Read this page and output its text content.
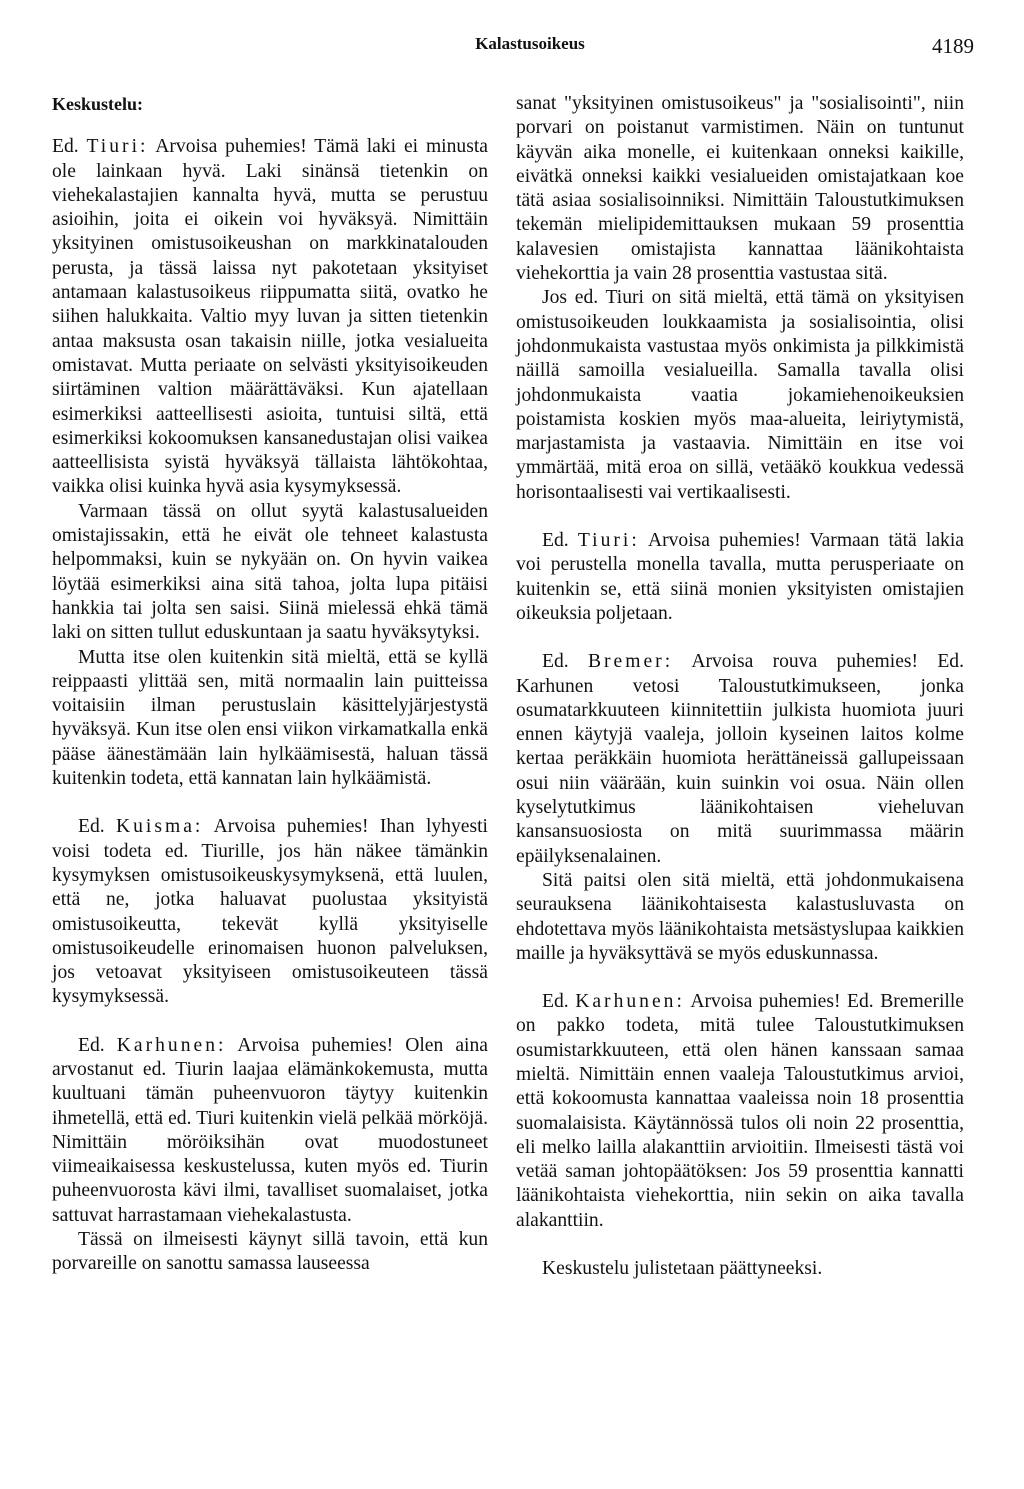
Kalastusoikeus	4189
Keskustelu:

Ed. Tiuri: Arvoisa puhemies! Tämä laki ei minusta ole lainkaan hyvä. Laki sinänsä tietenkin on viehekalastajien kannalta hyvä, mutta se perustuu asioihin, joita ei oikein voi hyväksyä. Nimittäin yksityinen omistusoikeushan on markkinatalouden perusta, ja tässä laissa nyt pakotetaan yksityiset antamaan kalastusoikeus riippumatta siitä, ovatko he siihen halukkaita. Valtio myy luvan ja sitten tietenkin antaa maksusta osan takaisin niille, jotka vesialueita omistavat. Mutta periaate on selvästi yksityisoikeuden siirtäminen valtion määrättäväksi. Kun ajatellaan esimerkiksi aatteellisesti asioita, tuntuisi siltä, että esimerkiksi kokoomuksen kansanedustajan olisi vaikea aatteellisista syistä hyväksyä tällaista lähtökohtaa, vaikka olisi kuinka hyvä asia kysymyksessä.

Varmaan tässä on ollut syytä kalastusalueiden omistajissakin, että he eivät ole tehneet kalastusta helpommaksi, kuin se nykyään on. On hyvin vaikea löytää esimerkiksi aina sitä tahoa, jolta lupa pitäisi hankkia tai jolta sen saisi. Siinä mielessä ehkä tämä laki on sitten tullut eduskuntaan ja saatu hyväksytyksi.

Mutta itse olen kuitenkin sitä mieltä, että se kyllä reippaasti ylittää sen, mitä normaalin lain puitteissa voitaisiin ilman perustuslain käsittelyjärjestystä hyväksyä. Kun itse olen ensi viikon virkamatkalla enkä pääse äänestämään lain hylkäämisestä, haluan tässä kuitenkin todeta, että kannatan lain hylkäämistä.

Ed. Kuisma: Arvoisa puhemies! Ihan lyhyesti voisi todeta ed. Tiurille, jos hän näkee tämänkin kysymyksen omistusoikeuskysymyksenä, että luulen, että ne, jotka haluavat puolustaa yksityistä omistusoikeutta, tekevät kyllä yksityiselle omistusoikeudelle erinomaisen huonon palveluksen, jos vetoavat yksityiseen omistusoikeuteen tässä kysymyksessä.

Ed. Karhunen: Arvoisa puhemies! Olen aina arvostanut ed. Tiurin laajaa elämänkokemusta, mutta kuultuani tämän puheenvuoron täytyy kuitenkin ihmetellä, että ed. Tiuri kuitenkin vielä pelkää mörköjä. Nimittäin möröiksihän ovat muodostuneet viimeaikaisessa keskustelussa, kuten myös ed. Tiurin puheenvuorosta kävi ilmi, tavalliset suomalaiset, jotka sattuvat harrastamaan viehekalastusta.

Tässä on ilmeisesti käynyt sillä tavoin, että kun porvareille on sanottu samassa lauseessa

sanat "yksityinen omistusoikeus" ja "sosialisointi", niin porvari on poistanut varmistimen. Näin on tuntunut käyvän aika monelle, ei kuitenkaan onneksi kaikille, eivätkä onneksi kaikki vesialueiden omistajatkaan koe tätä asiaa sosialisoinniksi. Nimittäin Taloustutkimuksen tekemän mielipidemittauksen mukaan 59 prosenttia kalavesien omistajista kannattaa läänikohtaista viehekorttia ja vain 28 prosenttia vastustaa sitä.

Jos ed. Tiuri on sitä mieltä, että tämä on yksityisen omistusoikeuden loukkaamista ja sosialisointia, olisi johdonmukaista vastustaa myös onkimista ja pilkkimistä näillä samoilla vesialueilla. Samalla tavalla olisi johdonmukaista vaatia jokamiehenoikeuksien poistamista koskien myös maa-alueita, leiriytymistä, marjastamista ja vastaavia. Nimittäin en itse voi ymmärtää, mitä eroa on sillä, vetääkö koukkua vedessä horisontaalisesti vai vertikaalisesti.

Ed. Tiuri: Arvoisa puhemies! Varmaan tätä lakia voi perustella monella tavalla, mutta perusperiaate on kuitenkin se, että siinä monien yksityisten omistajien oikeuksia poljetaan.

Ed. Bremer: Arvoisa rouva puhemies! Ed. Karhunen vetosi Taloustutkimukseen, jonka osumatarkkuuteen kiinnitettiin julkista huomiota juuri ennen käytyjä vaaleja, jolloin kyseinen laitos kolme kertaa peräkkäin huomiota herättäneissä gallupeissaan osui niin väärään, kuin suinkin voi osua. Näin ollen kyselytutkimus läänikohtaisen vieheluvan kansansuosiosta on mitä suurimmassa määrin epäilyksenalainen.

Sitä paitsi olen sitä mieltä, että johdonmukaisena seurauksena läänikohtaisesta kalastusluvasta on ehdotettava myös läänikohtaista metsästyslupaa kaikkien maille ja hyväksyttävä se myös eduskunnassa.

Ed. Karhunen: Arvoisa puhemies! Ed. Bremerille on pakko todeta, mitä tulee Taloustutkimuksen osumistarkkuuteen, että olen hänen kanssaan samaa mieltä. Nimittäin ennen vaaleja Taloustutkimus arvioi, että kokoomusta kannattaa vaaleissa noin 18 prosenttia suomalaisista. Käytännössä tulos oli noin 22 prosenttia, eli melko lailla alakanttiin arvioitiin. Ilmeisesti tästä voi vetää saman johtopäätöksen: Jos 59 prosenttia kannatti läänikohtaista viehekorttia, niin sekin on aika tavalla alakanttiin.

Keskustelu julistetaan päättyneeksi.
